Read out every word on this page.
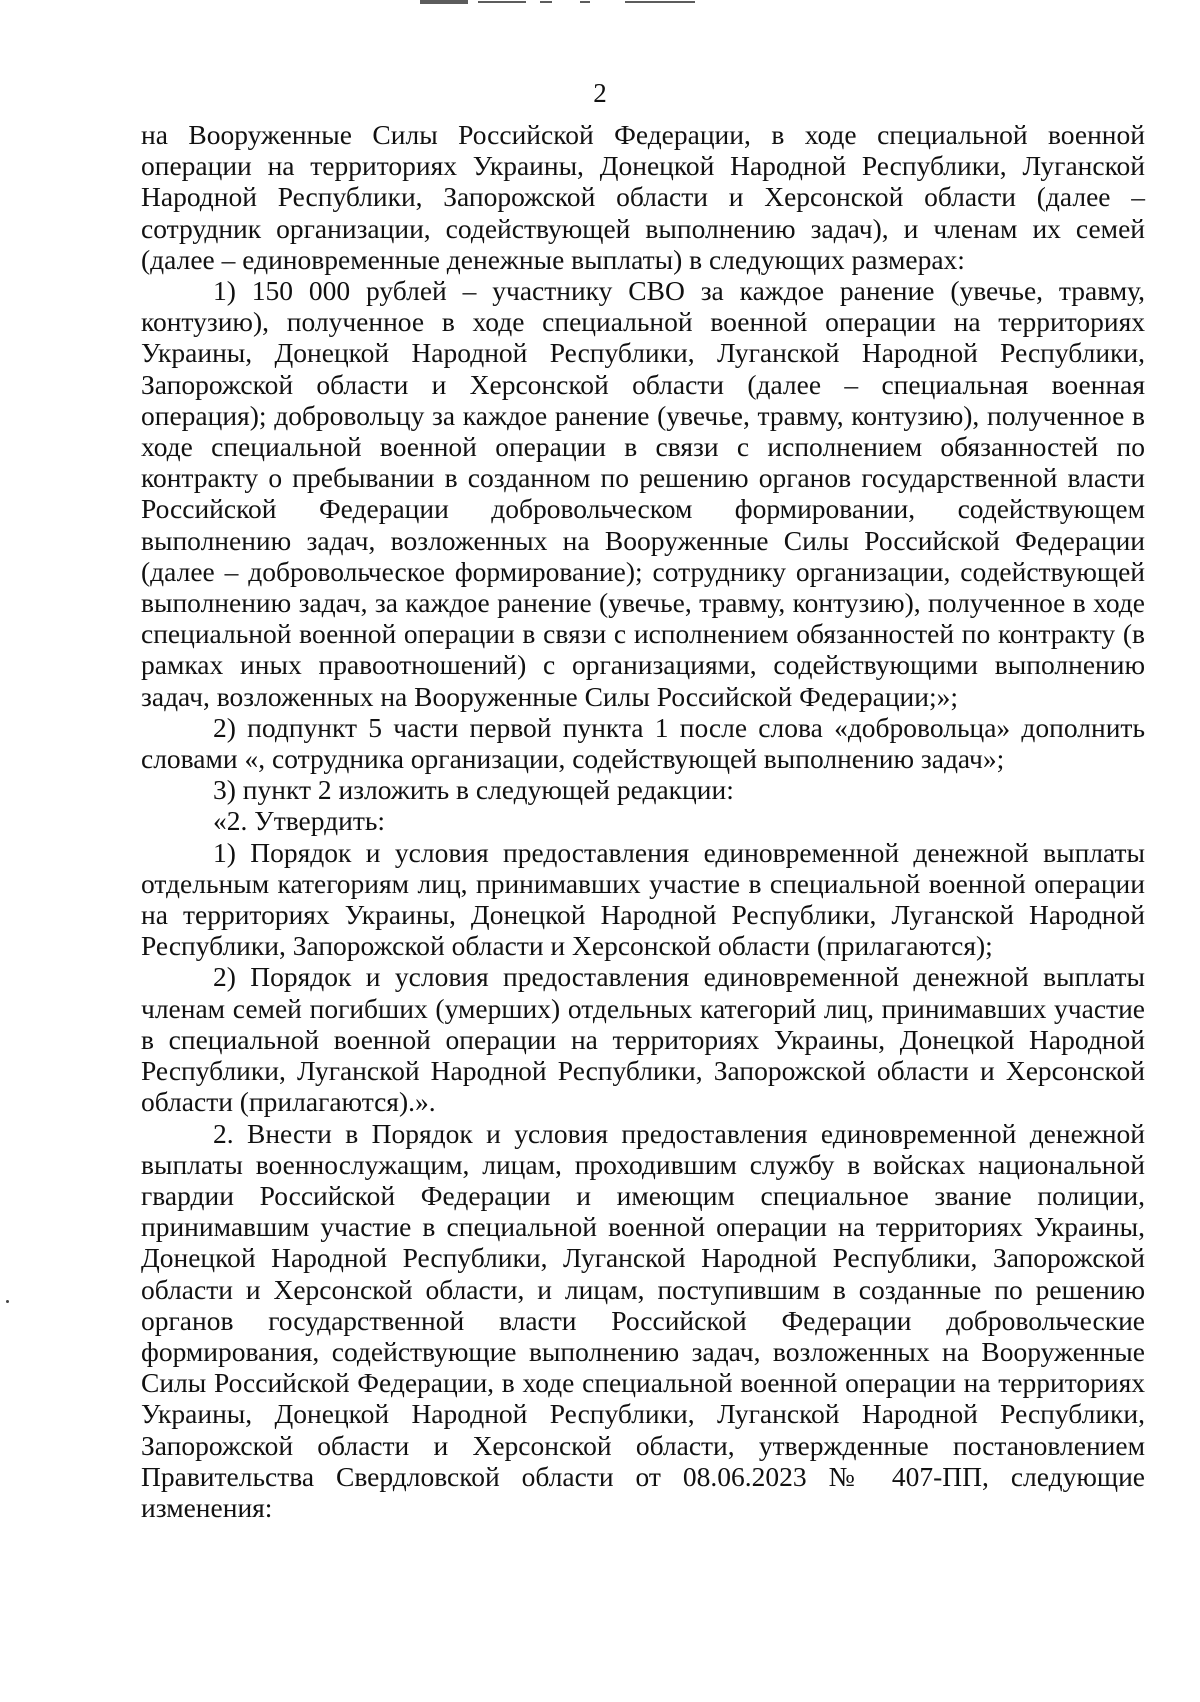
2

на Вооруженные Силы Российской Федерации, в ходе специальной военной операции на территориях Украины, Донецкой Народной Республики, Луганской Народной Республики, Запорожской области и Херсонской области (далее – сотрудник организации, содействующей выполнению задач), и членам их семей (далее – единовременные денежные выплаты) в следующих размерах:

1) 150 000 рублей – участнику СВО за каждое ранение (увечье, травму, контузию), полученное в ходе специальной военной операции на территориях Украины, Донецкой Народной Республики, Луганской Народной Республики, Запорожской области и Херсонской области (далее – специальная военная операция); добровольцу за каждое ранение (увечье, травму, контузию), полученное в ходе специальной военной операции в связи с исполнением обязанностей по контракту о пребывании в созданном по решению органов государственной власти Российской Федерации добровольческом формировании, содействующем выполнению задач, возложенных на Вооруженные Силы Российской Федерации (далее – добровольческое формирование); сотруднику организации, содействующей выполнению задач, за каждое ранение (увечье, травму, контузию), полученное в ходе специальной военной операции в связи с исполнением обязанностей по контракту (в рамках иных правоотношений) с организациями, содействующими выполнению задач, возложенных на Вооруженные Силы Российской Федерации;»;

2) подпункт 5 части первой пункта 1 после слова «добровольца» дополнить словами «, сотрудника организации, содействующей выполнению задач»;

3) пункт 2 изложить в следующей редакции:

«2. Утвердить:

1) Порядок и условия предоставления единовременной денежной выплаты отдельным категориям лиц, принимавших участие в специальной военной операции на территориях Украины, Донецкой Народной Республики, Луганской Народной Республики, Запорожской области и Херсонской области (прилагаются);

2) Порядок и условия предоставления единовременной денежной выплаты членам семей погибших (умерших) отдельных категорий лиц, принимавших участие в специальной военной операции на территориях Украины, Донецкой Народной Республики, Луганской Народной Республики, Запорожской области и Херсонской области (прилагаются).».

2. Внести в Порядок и условия предоставления единовременной денежной выплаты военнослужащим, лицам, проходившим службу в войсках национальной гвардии Российской Федерации и имеющим специальное звание полиции, принимавшим участие в специальной военной операции на территориях Украины, Донецкой Народной Республики, Луганской Народной Республики, Запорожской области и Херсонской области, и лицам, поступившим в созданные по решению органов государственной власти Российской Федерации добровольческие формирования, содействующие выполнению задач, возложенных на Вооруженные Силы Российской Федерации, в ходе специальной военной операции на территориях Украины, Донецкой Народной Республики, Луганской Народной Республики, Запорожской области и Херсонской области, утвержденные постановлением Правительства Свердловской области от 08.06.2023 № 407-ПП, следующие изменения:
